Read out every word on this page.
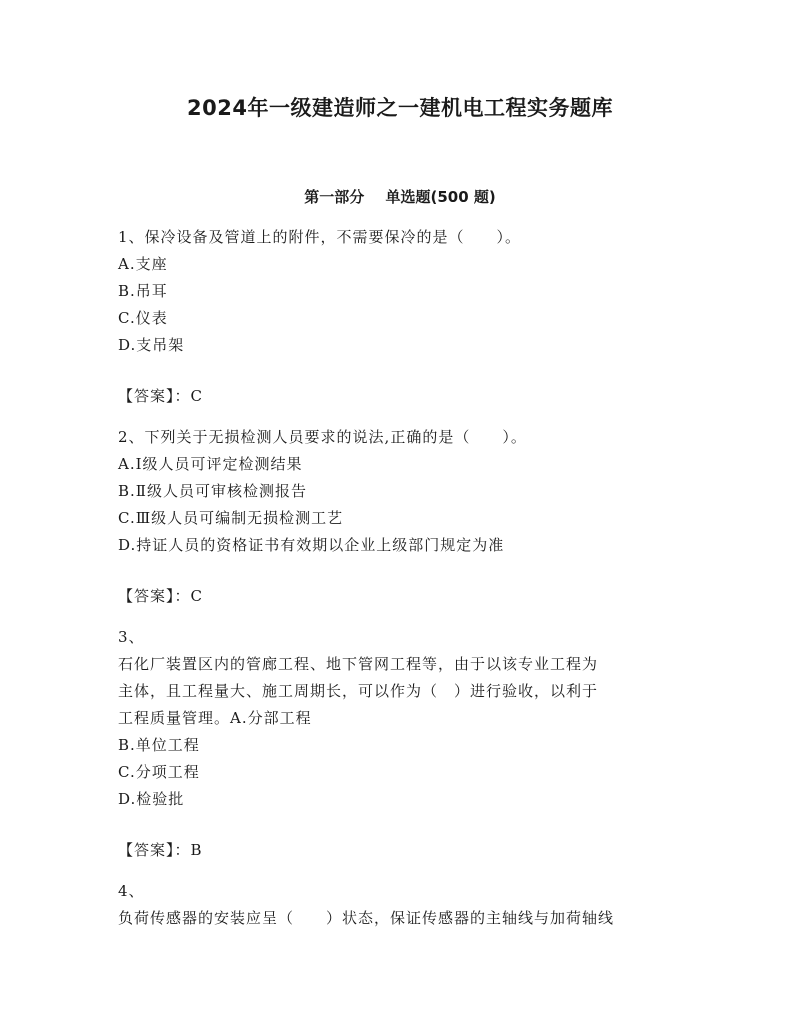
2024年一级建造师之一建机电工程实务题库
第一部分 单选题(500 题)
1、保冷设备及管道上的附件，不需要保冷的是（　　）。
A.支座
B.吊耳
C.仪表
D.支吊架
【答案】：C
2、下列关于无损检测人员要求的说法,正确的是（　　）。
A.Ⅰ级人员可评定检测结果
B.Ⅱ级人员可审核检测报告
C.Ⅲ级人员可编制无损检测工艺
D.持证人员的资格证书有效期以企业上级部门规定为准
【答案】：C
3、
石化厂装置区内的管廊工程、地下管网工程等，由于以该专业工程为
主体，且工程量大、施工周期长，可以作为（　）进行验收，以利于
工程质量管理。A.分部工程
B.单位工程
C.分项工程
D.检验批
【答案】：B
4、
负荷传感器的安装应呈（　　）状态，保证传感器的主轴线与加荷轴线
